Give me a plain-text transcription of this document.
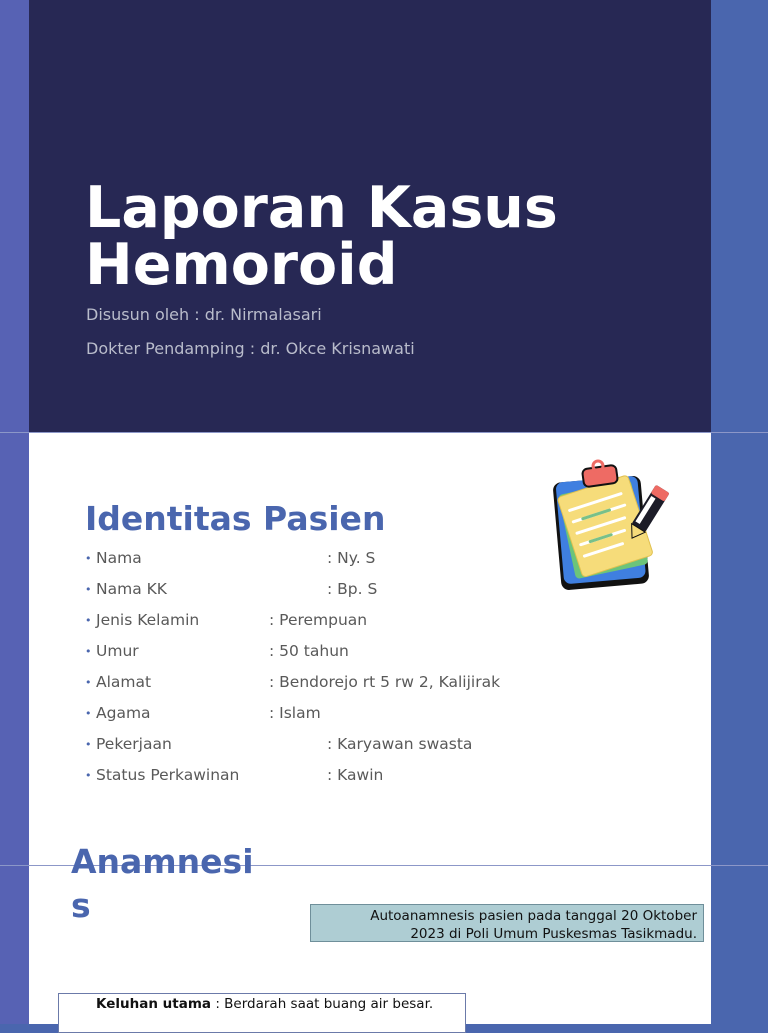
Laporan Kasus
Hemoroid
Disusun oleh : dr. Nirmalasari
Dokter Pendamping : dr. Okce Krisnawati
Identitas Pasien
• Nama	: Ny. S
• Nama KK	: Bp. S
• Jenis Kelamin	: Perempuan
• Umur	: 50 tahun
• Alamat	: Bendorejo rt 5 rw 2, Kalijirak
• Agama	: Islam
• Pekerjaan	: Karyawan swasta
• Status Perkawinan	: Kawin
Anamnesis	Autoanamnesis pasien pada tanggal 20 Oktober
2023 di Poli Umum Puskesmas Tasikmadu.
Keluhan utama : Berdarah saat buang air besar.
